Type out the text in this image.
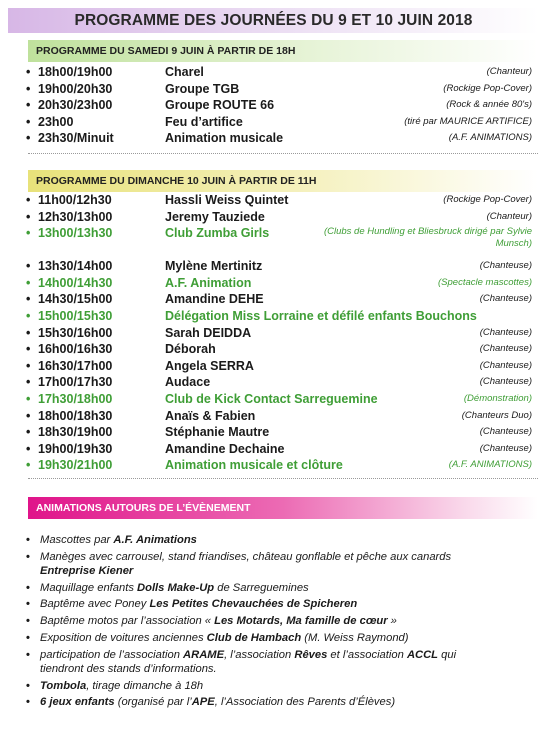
PROGRAMME DES JOURNÉES DU 9 ET 10 JUIN 2018
PROGRAMME DU SAMEDI 9 JUIN À PARTIR DE 18H
• 18h00/19h00	Charel	(Chanteur)
• 19h00/20h30	Groupe TGB	(Rockige Pop-Cover)
• 20h30/23h00	Groupe ROUTE 66	(Rock & année 80's)
• 23h00	Feu d’artifice	(tiré par MAURICE ARTIFICE)
• 23h30/Minuit	Animation musicale	(A.F. ANIMATIONS)
PROGRAMME DU DIMANCHE 10 JUIN À PARTIR DE 11H
• 11h00/12h30	Hassli Weiss Quintet	(Rockige Pop-Cover)
• 12h30/13h00	Jeremy Tauziede	(Chanteur)
• 13h00/13h30	Club Zumba Girls	(Clubs de Hundling et Bliesbruck dirigé par Sylvie Munsch)
• 13h30/14h00	Mylène Mertinitz	(Chanteuse)
• 14h00/14h30	A.F. Animation	(Spectacle mascottes)
• 14h30/15h00	Amandine DEHE	(Chanteuse)
• 15h00/15h30	Délégation Miss Lorraine et défilé enfants Bouchons
• 15h30/16h00	Sarah DEIDDA	(Chanteuse)
• 16h00/16h30	Déborah	(Chanteuse)
• 16h30/17h00	Angela SERRA	(Chanteuse)
• 17h00/17h30	Audace	(Chanteuse)
• 17h30/18h00	Club de Kick Contact Sarreguemine	(Démonstration)
• 18h00/18h30	Anaïs & Fabien	(Chanteurs Duo)
• 18h30/19h00	Stéphanie Mautre	(Chanteuse)
• 19h00/19h30	Amandine Dechaine	(Chanteuse)
• 19h30/21h00	Animation musicale et clôture	(A.F. ANIMATIONS)
ANIMATIONS AUTOURS DE L’ÉVÈNEMENT
• Mascottes par A.F. Animations
• Manèges avec carrousel, stand friandises, château gonflable et pêche aux canards
Entreprise Kiener
• Maquillage enfants Dolls Make-Up de Sarreguemines
• Baptême avec Poney Les Petites Chevauchées de Spicheren
• Baptême motos par l’association « Les Motards, Ma famille de cœur »
• Exposition de voitures anciennes Club de Hambach (M. Weiss Raymond)
• participation de l’association ARAME, l’association Rêves et l’association ACCL qui
tiendront des stands d’informations.
• Tombola, tirage dimanche à 18h
• 6 jeux enfants (organisé par l’APE, l’Association des Parents d’Élèves)
